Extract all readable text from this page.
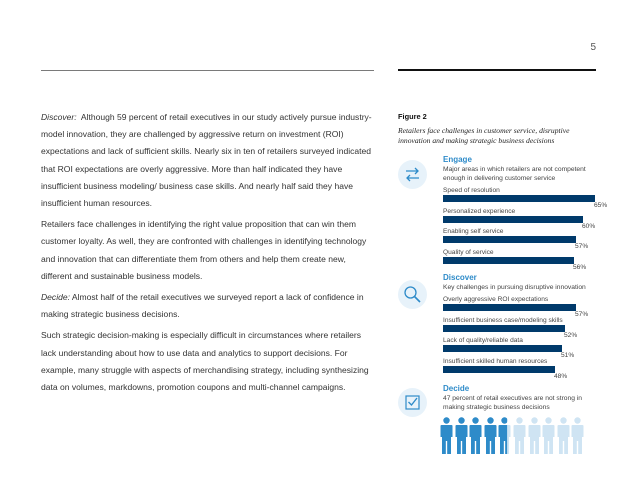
5

Discover: Although 59 percent of retail executives in our study actively pursue industry-model innovation, they are challenged by aggressive return on investment (ROI) expectations and lack of sufficient skills. Nearly six in ten of retailers surveyed indicated that ROI expectations are overly aggressive. More than half indicated they have insufficient business modeling/ business case skills. And nearly half said they have insufficient human resources.

Retailers face challenges in identifying the right value proposition that can win them customer loyalty. As well, they are confronted with challenges in identifying technology and innovation that can differentiate them from others and help them create new, different and sustainable business models.

Decide: Almost half of the retail executives we surveyed report a lack of confidence in making strategic business decisions.

Such strategic decision-making is especially difficult in circumstances where retailers lack understanding about how to use data and analytics to support decisions. For example, many struggle with aspects of merchandising strategy, including synthesizing data on volumes, markdowns, promotion coupons and multi-channel campaigns.

Figure 2
Retailers face challenges in customer service, disruptive innovation and making strategic business decisions
Engage
Major areas in which retailers are not competent enough in delivering customer service
Speed of resolution
65%
Personalized experience
60%
Enabling self service
57%
Quality of service
56%
Discover
Key challenges in pursuing disruptive innovation
Overly aggressive ROI expectations
57%
Insufficient business case/modeling skills
52%
Lack of quality/reliable data
51%
Insufficient skilled human resources
48%
Decide
47 percent of retail executives are not strong in making strategic business decisions
